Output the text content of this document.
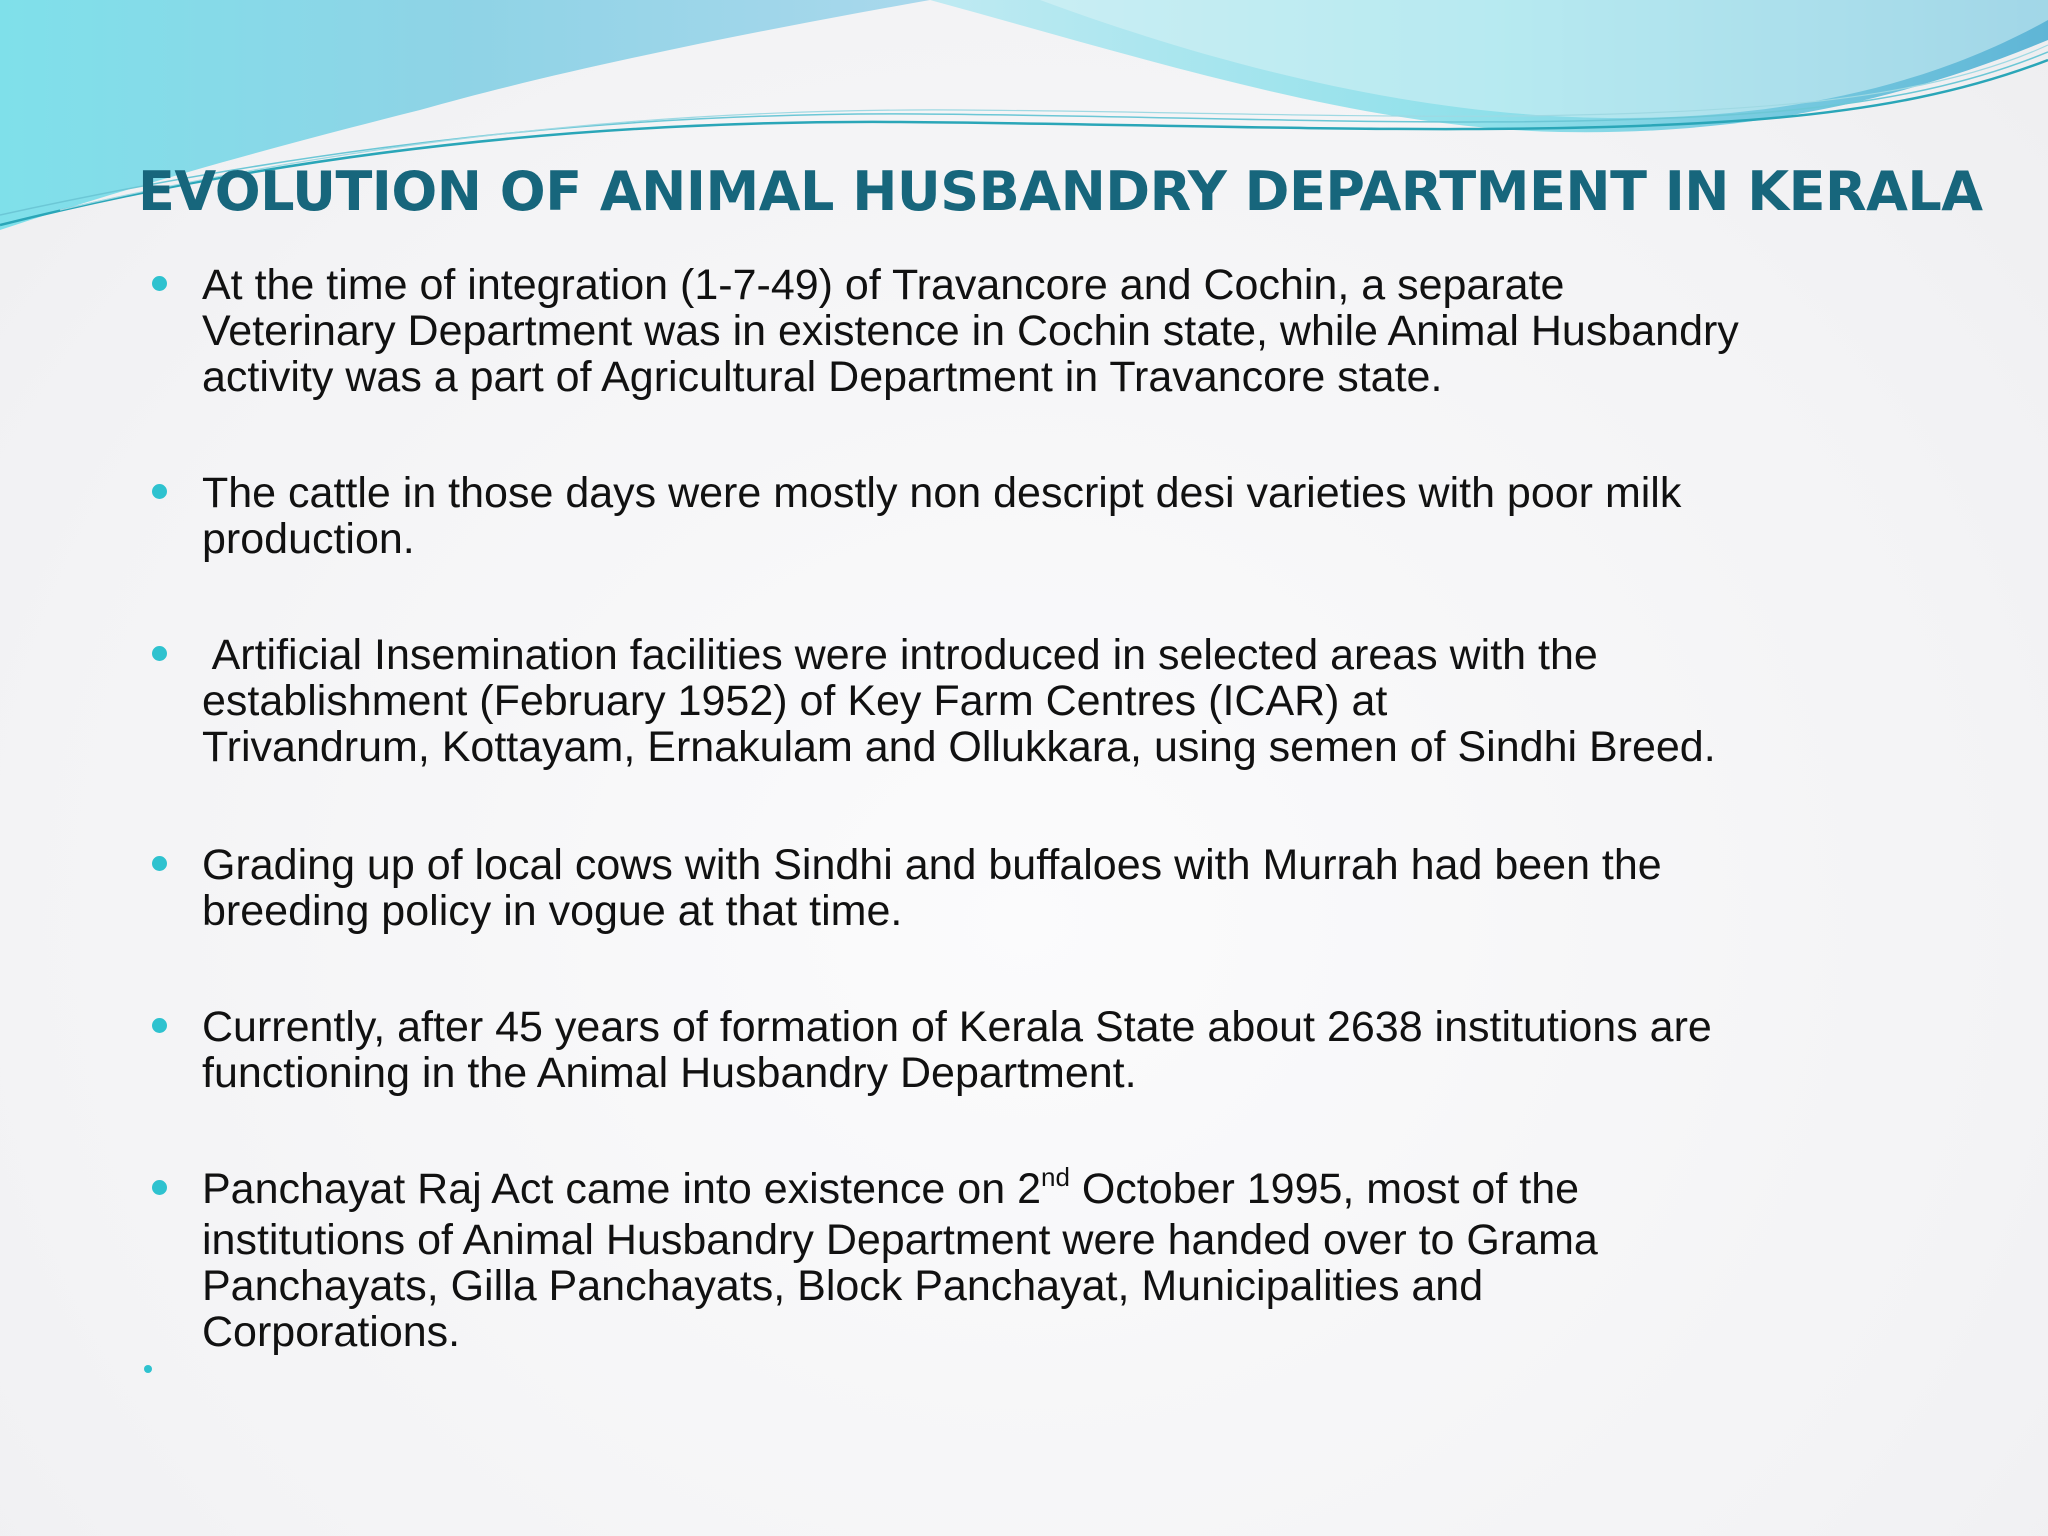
EVOLUTION OF ANIMAL HUSBANDRY DEPARTMENT IN KERALA
At the time of integration (1-7-49) of Travancore and Cochin, a separate
Veterinary Department was in existence in Cochin state, while Animal Husbandry
activity was a part of Agricultural Department in Travancore state.
The cattle in those days were mostly non descript desi varieties with poor milk
production.
Artificial Insemination facilities were introduced in selected areas with the
establishment (February 1952) of Key Farm Centres (ICAR) at
Trivandrum, Kottayam, Ernakulam and Ollukkara, using semen of Sindhi Breed.
Grading up of local cows with Sindhi and buffaloes with Murrah had been the
breeding policy in vogue at that time.
Currently, after 45 years of formation of Kerala State about 2638 institutions are
functioning in the Animal Husbandry Department.
Panchayat Raj Act came into existence on 2nd October 1995, most of the
institutions of Animal Husbandry Department were handed over to Grama
Panchayats, Gilla Panchayats, Block Panchayat, Municipalities and
Corporations.
